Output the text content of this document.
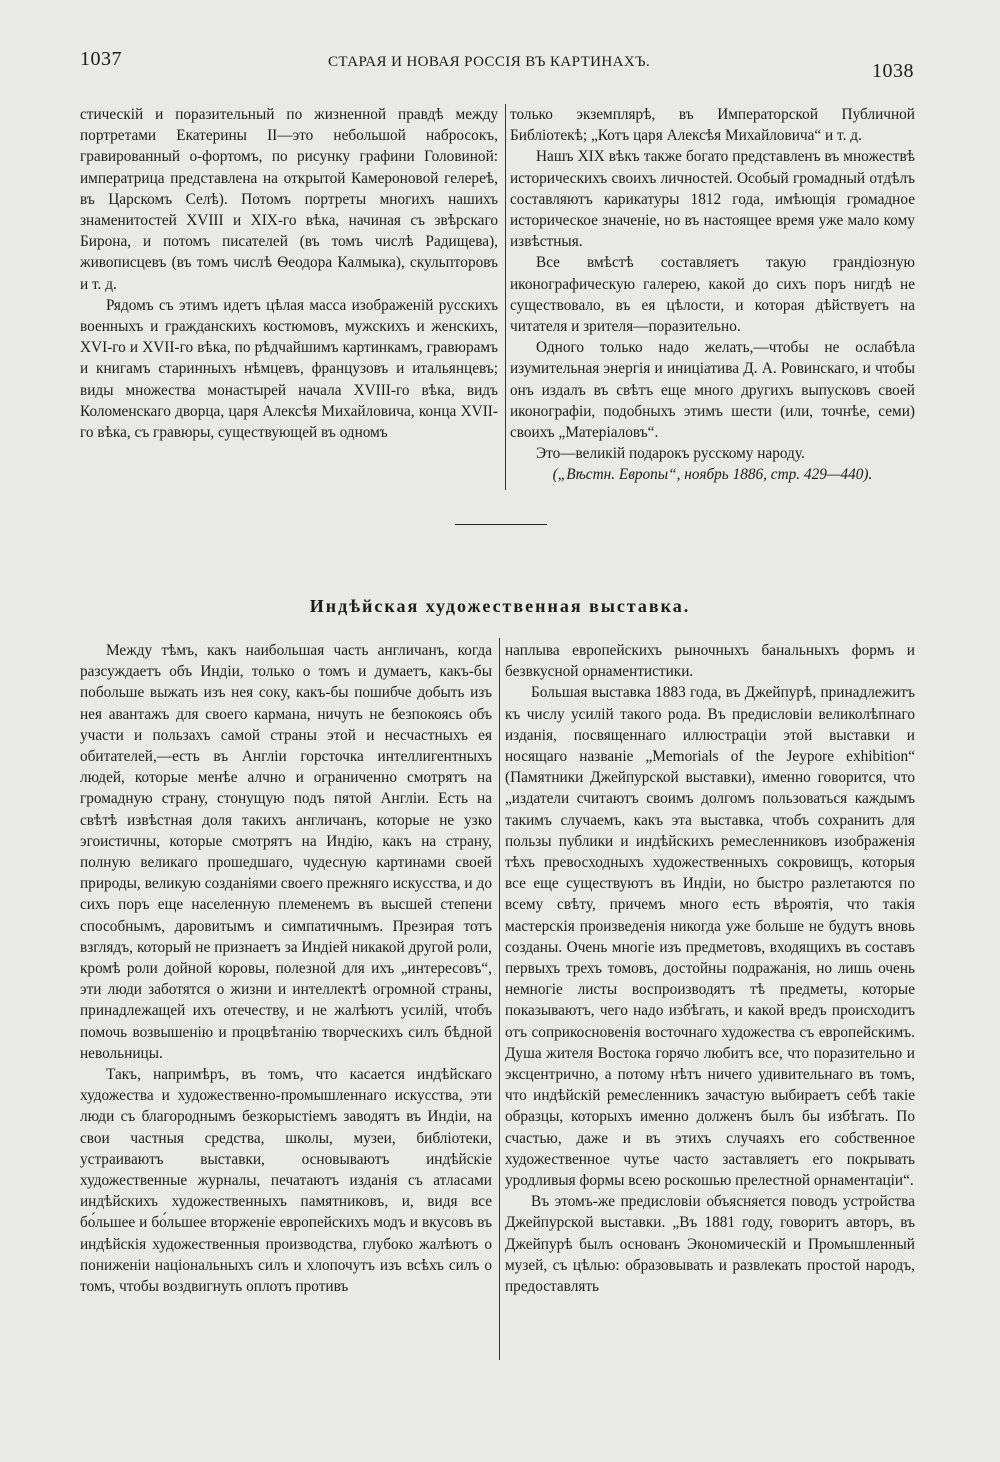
1037	СТАРАЯ И НОВАЯ РОССІЯ ВЪ КАРТИНАХЪ.	1038

стическій и поразительный по жизненной правдѣ между портретами Екатерины II—это небольшой набросокъ, гравированный о-фортомъ, по рисунку графини Головиной: императрица представлена на открытой Камероновой гелереѣ, въ Царскомъ Селѣ). Потомъ портреты многихъ нашихъ знаменитостей XVIII и XIX-го вѣка, начиная съ звѣрскаго Бирона, и потомъ писателей (въ томъ числѣ Радищева), живописцевъ (въ томъ числѣ Ѳеодора Калмыка), скульпторовъ и т. д.

Рядомъ съ этимъ идетъ цѣлая масса изображеній русскихъ военныхъ и гражданскихъ костюмовъ, мужскихъ и женскихъ, XVI-го и XVII-го вѣка, по рѣдчайшимъ картинкамъ, гравюрамъ и книгамъ старинныхъ нѣмцевъ, французовъ и итальянцевъ; виды множества монастырей начала XVIII-го вѣка, видъ Коломенскаго дворца, царя Алексѣя Михайловича, конца XVII-го вѣка, съ гравюры, существующей въ одномъ

только экземплярѣ, въ Императорской Публичной Библіотекѣ; „Котъ царя Алексѣя Михайловича“ и т. д.

Нашъ XIX вѣкъ также богато представленъ въ множествѣ историческихъ своихъ личностей. Особый громадный отдѣлъ составляютъ карикатуры 1812 года, имѣющія громадное историческое значеніе, но въ настоящее время уже мало кому извѣстныя.

Все вмѣстѣ составляетъ такую грандіозную иконографическую галерею, какой до сихъ поръ нигдѣ не существовало, въ ея цѣлости, и которая дѣйствуетъ на читателя и зрителя—поразительно.

Одного только надо желать,—чтобы не ослабѣла изумительная энергія и иниціатива Д. А. Ровинскаго, и чтобы онъ издалъ въ свѣтъ еще много другихъ выпусковъ своей иконографіи, подобныхъ этимъ шести (или, точнѣе, семи) своихъ „Матеріаловъ“.

Это—великій подарокъ русскому народу.

(„Вѣстн. Европы“, ноябрь 1886, стр. 429—440).

Индѣйская художественная выставка.

Между тѣмъ, какъ наибольшая часть англичанъ, когда разсуждаетъ объ Индіи, только о томъ и думаетъ, какъ-бы побольше выжать изъ нея соку, какъ-бы пошибче добыть изъ нея авантажъ для своего кармана, ничуть не безпокоясь объ участи и пользахъ самой страны этой и несчастныхъ ея обитателей,—есть въ Англіи горсточка интеллигентныхъ людей, которые менѣе алчно и ограниченно смотрятъ на громадную страну, стонущую подъ пятой Англіи. Есть на свѣтѣ извѣстная доля такихъ англичанъ, которые не узко эгоистичны, которые смотрятъ на Индію, какъ на страну, полную великаго прошедшаго, чудесную картинами своей природы, великую созданіями своего прежняго искусства, и до сихъ поръ еще населенную племенемъ въ высшей степени способнымъ, даровитымъ и симпатичнымъ. Презирая тотъ взглядъ, который не признаетъ за Индіей никакой другой роли, кромѣ роли дойной коровы, полезной для ихъ „интересовъ“, эти люди заботятся о жизни и интеллектѣ огромной страны, принадлежащей ихъ отечеству, и не жалѣютъ усилій, чтобъ помочь возвышенію и процвѣтанію творческихъ силъ бѣдной невольницы.

Такъ, напримѣръ, въ томъ, что касается индѣйскаго художества и художественно-промышленнаго искусства, эти люди съ благороднымъ безкорыстіемъ заводятъ въ Индіи, на свои частныя средства, школы, музеи, библіотеки, устраиваютъ выставки, основываютъ индѣйскіе художественные журналы, печатаютъ изданія съ атласами индѣйскихъ художественныхъ памятниковъ, и, видя все бо́льшее и бо́льшее вторженіе европейскихъ модъ и вкусовъ въ индѣйскія художественныя производства, глубоко жалѣютъ о пониженіи національныхъ силъ и хлопочутъ изъ всѣхъ силъ о томъ, чтобы воздвигнуть оплотъ противъ

наплыва европейскихъ рыночныхъ банальныхъ формъ и безвкусной орнаментистики.

Большая выставка 1883 года, въ Джейпурѣ, принадлежитъ къ числу усилій такого рода. Въ предисловіи великолѣпнаго изданія, посвященнаго иллюстраціи этой выставки и носящаго названіе „Memorials of the Jeypore exhibition“ (Памятники Джейпурской выставки), именно говорится, что „издатели считаютъ своимъ долгомъ пользоваться каждымъ такимъ случаемъ, какъ эта выставка, чтобъ сохранить для пользы публики и индѣйскихъ ремесленниковъ изображенія тѣхъ превосходныхъ художественныхъ сокровищъ, которыя все еще существуютъ въ Индіи, но быстро разлетаются по всему свѣту, причемъ много есть вѣроятія, что такія мастерскія произведенія никогда уже больше не будутъ вновь созданы. Очень многіе изъ предметовъ, входящихъ въ составъ первыхъ трехъ томовъ, достойны подражанія, но лишь очень немногіе листы воспроизводятъ тѣ предметы, которые показываютъ, чего надо избѣгать, и какой вредъ происходитъ отъ соприкосновенія восточнаго художества съ европейскимъ. Душа жителя Востока горячо любитъ все, что поразительно и эксцентрично, а потому нѣтъ ничего удивительнаго въ томъ, что индѣйскій ремесленникъ зачастую выбираетъ себѣ такіе образцы, которыхъ именно долженъ былъ бы избѣгать. По счастью, даже и въ этихъ случаяхъ его собственное художественное чутье часто заставляетъ его покрывать уродливыя формы всею роскошью прелестной орнаментаціи“.

Въ этомъ-же предисловіи объясняется поводъ устройства Джейпурской выставки. „Въ 1881 году, говоритъ авторъ, въ Джейпурѣ былъ основанъ Экономическій и Промышленный музей, съ цѣлью: образовывать и развлекать простой народъ, предоставлять
